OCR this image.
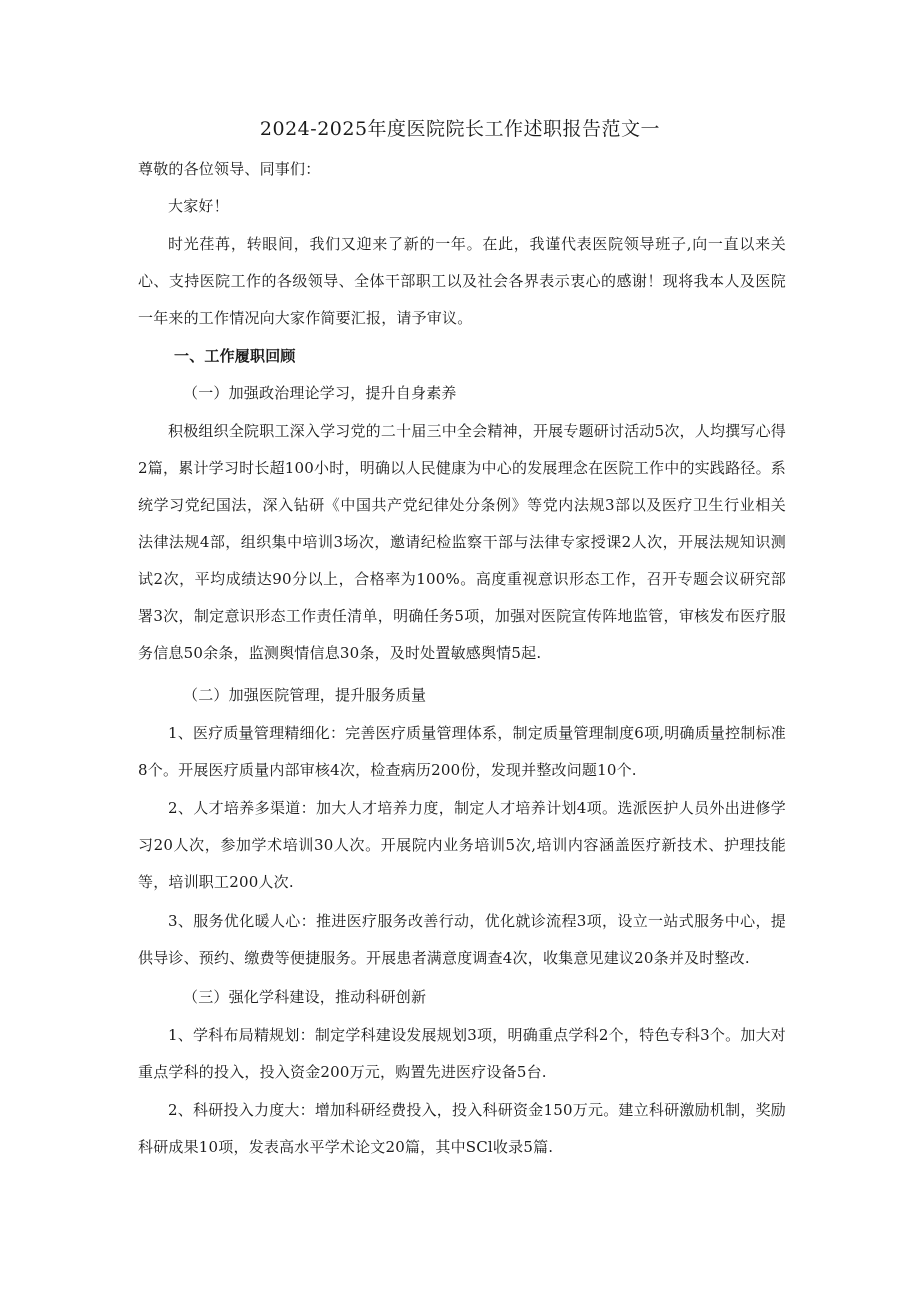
2024-2025年度医院院长工作述职报告范文一

尊敬的各位领导、同事们：

大家好！

时光荏苒，转眼间，我们又迎来了新的一年。在此，我谨代表医院领导班子,向一直以来关心、支持医院工作的各级领导、全体干部职工以及社会各界表示衷心的感谢！现将我本人及医院一年来的工作情况向大家作简要汇报，请予审议。

一、工作履职回顾

（一）加强政治理论学习，提升自身素养

积极组织全院职工深入学习党的二十届三中全会精神，开展专题研讨活动5次，人均撰写心得2篇，累计学习时长超100小时，明确以人民健康为中心的发展理念在医院工作中的实践路径。系统学习党纪国法，深入钻研《中国共产党纪律处分条例》等党内法规3部以及医疗卫生行业相关法律法规4部，组织集中培训3场次，邀请纪检监察干部与法律专家授课2人次，开展法规知识测试2次，平均成绩达90分以上，合格率为100%。高度重视意识形态工作，召开专题会议研究部署3次，制定意识形态工作责任清单，明确任务5项，加强对医院宣传阵地监管，审核发布医疗服务信息50余条，监测舆情信息30条，及时处置敏感舆情5起.

（二）加强医院管理，提升服务质量

1、医疗质量管理精细化：完善医疗质量管理体系，制定质量管理制度6项,明确质量控制标准8个。开展医疗质量内部审核4次，检查病历200份，发现并整改问题10个.

2、人才培养多渠道：加大人才培养力度，制定人才培养计划4项。选派医护人员外出进修学习20人次，参加学术培训30人次。开展院内业务培训5次,培训内容涵盖医疗新技术、护理技能等，培训职工200人次.

3、服务优化暖人心：推进医疗服务改善行动，优化就诊流程3项，设立一站式服务中心，提供导诊、预约、缴费等便捷服务。开展患者满意度调查4次，收集意见建议20条并及时整改.

（三）强化学科建设，推动科研创新

1、学科布局精规划：制定学科建设发展规划3项，明确重点学科2个，特色专科3个。加大对重点学科的投入，投入资金200万元，购置先进医疗设备5台.

2、科研投入力度大：增加科研经费投入，投入科研资金150万元。建立科研激励机制，奖励科研成果10项，发表高水平学术论文20篇，其中SCl收录5篇.
